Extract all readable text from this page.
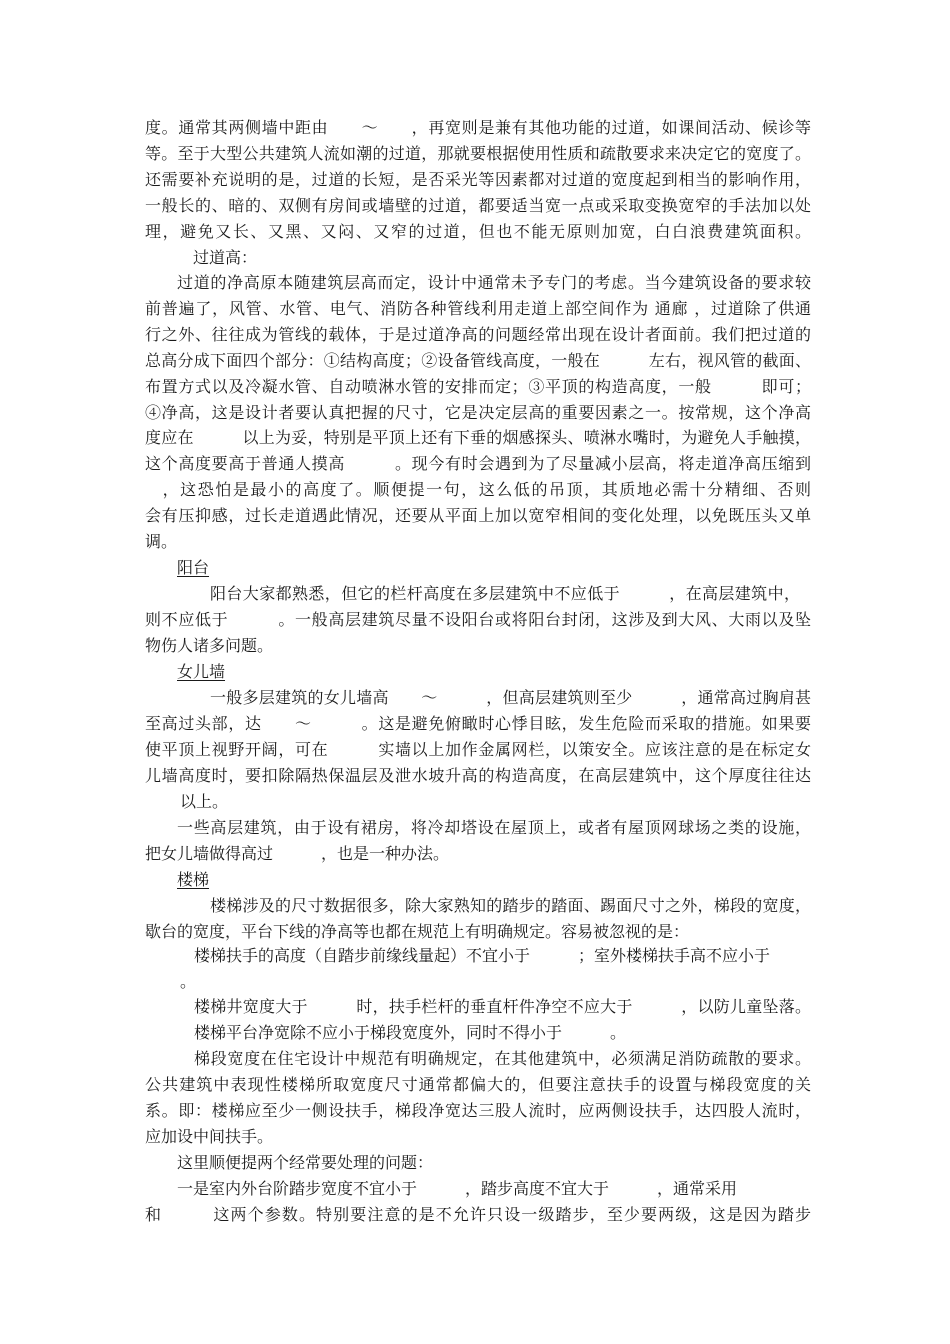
度。通常其两侧墙中距由　　～　　，再宽则是兼有其他功能的过道，如课间活动、候诊等
等。至于大型公共建筑人流如潮的过道，那就要根据使用性质和疏散要求来决定它的宽度了。
还需要补充说明的是，过道的长短，是否采光等因素都对过道的宽度起到相当的影响作用，
一般长的、暗的、双侧有房间或墙壁的过道，都要适当宽一点或采取变换宽窄的手法加以处
理，避免又长、又黑、又闷、又窄的过道，但也不能无原则加宽，白白浪费建筑面积。
过道高：
过道的净高原本随建筑层高而定，设计中通常未予专门的考虑。当今建筑设备的要求较
前普遍了，风管、水管、电气、消防各种管线利用走道上部空间作为 通廊 ，过道除了供通
行之外、往往成为管线的载体，于是过道净高的问题经常出现在设计者面前。我们把过道的
总高分成下面四个部分：①结构高度；②设备管线高度，一般在　　　左右，视风管的截面、
布置方式以及冷凝水管、自动喷淋水管的安排而定；③平顶的构造高度，一般　　　即可；
④净高，这是设计者要认真把握的尺寸，它是决定层高的重要因素之一。按常规，这个净高
度应在　　　以上为妥，特别是平顶上还有下垂的烟感探头、喷淋水嘴时，为避免人手触摸，
这个高度要高于普通人摸高　　　。现今有时会遇到为了尽量减小层高，将走道净高压缩到
　，这恐怕是最小的高度了。顺便提一句，这么低的吊顶，其质地必需十分精细、否则
会有压抑感，过长走道遇此情况，还要从平面上加以宽窄相间的变化处理，以免既压头又单
调。
阳台
阳台大家都熟悉，但它的栏杆高度在多层建筑中不应低于　　　，在高层建筑中，
则不应低于　　　。一般高层建筑尽量不设阳台或将阳台封闭，这涉及到大风、大雨以及坠
物伤人诸多问题。
女儿墙
一般多层建筑的女儿墙高　　～　　　，但高层建筑则至少　　　，通常高过胸肩甚
至高过头部，达　　～　　　。这是避免俯瞰时心悸目眩，发生危险而采取的措施。如果要
使平顶上视野开阔，可在　　　实墙以上加作金属网栏，以策安全。应该注意的是在标定女
儿墙高度时，要扣除隔热保温层及泄水坡升高的构造高度，在高层建筑中，这个厚度往往达
以上。
一些高层建筑，由于设有裙房，将冷却塔设在屋顶上，或者有屋顶网球场之类的设施，
把女儿墙做得高过　　　，也是一种办法。
楼梯
楼梯涉及的尺寸数据很多，除大家熟知的踏步的踏面、踢面尺寸之外，梯段的宽度，
歇台的宽度，平台下线的净高等也都在规范上有明确规定。容易被忽视的是：
楼梯扶手的高度（自踏步前缘线量起）不宜小于　　　；室外楼梯扶手高不应小于
。
楼梯井宽度大于　　　时，扶手栏杆的垂直杆件净空不应大于　　　，以防儿童坠落。
楼梯平台净宽除不应小于梯段宽度外，同时不得小于　　　。
梯段宽度在住宅设计中规范有明确规定，在其他建筑中，必须满足消防疏散的要求。
公共建筑中表现性楼梯所取宽度尺寸通常都偏大的，但要注意扶手的设置与梯段宽度的关
系。即：楼梯应至少一侧设扶手，梯段净宽达三股人流时，应两侧设扶手，达四股人流时，
应加设中间扶手。
这里顺便提两个经常要处理的问题：
一是室内外台阶踏步宽度不宜小于　　　，踏步高度不宜大于　　　，通常采用
和　　　这两个参数。特别要注意的是不允许只设一级踏步，至少要两级，这是因为踏步
